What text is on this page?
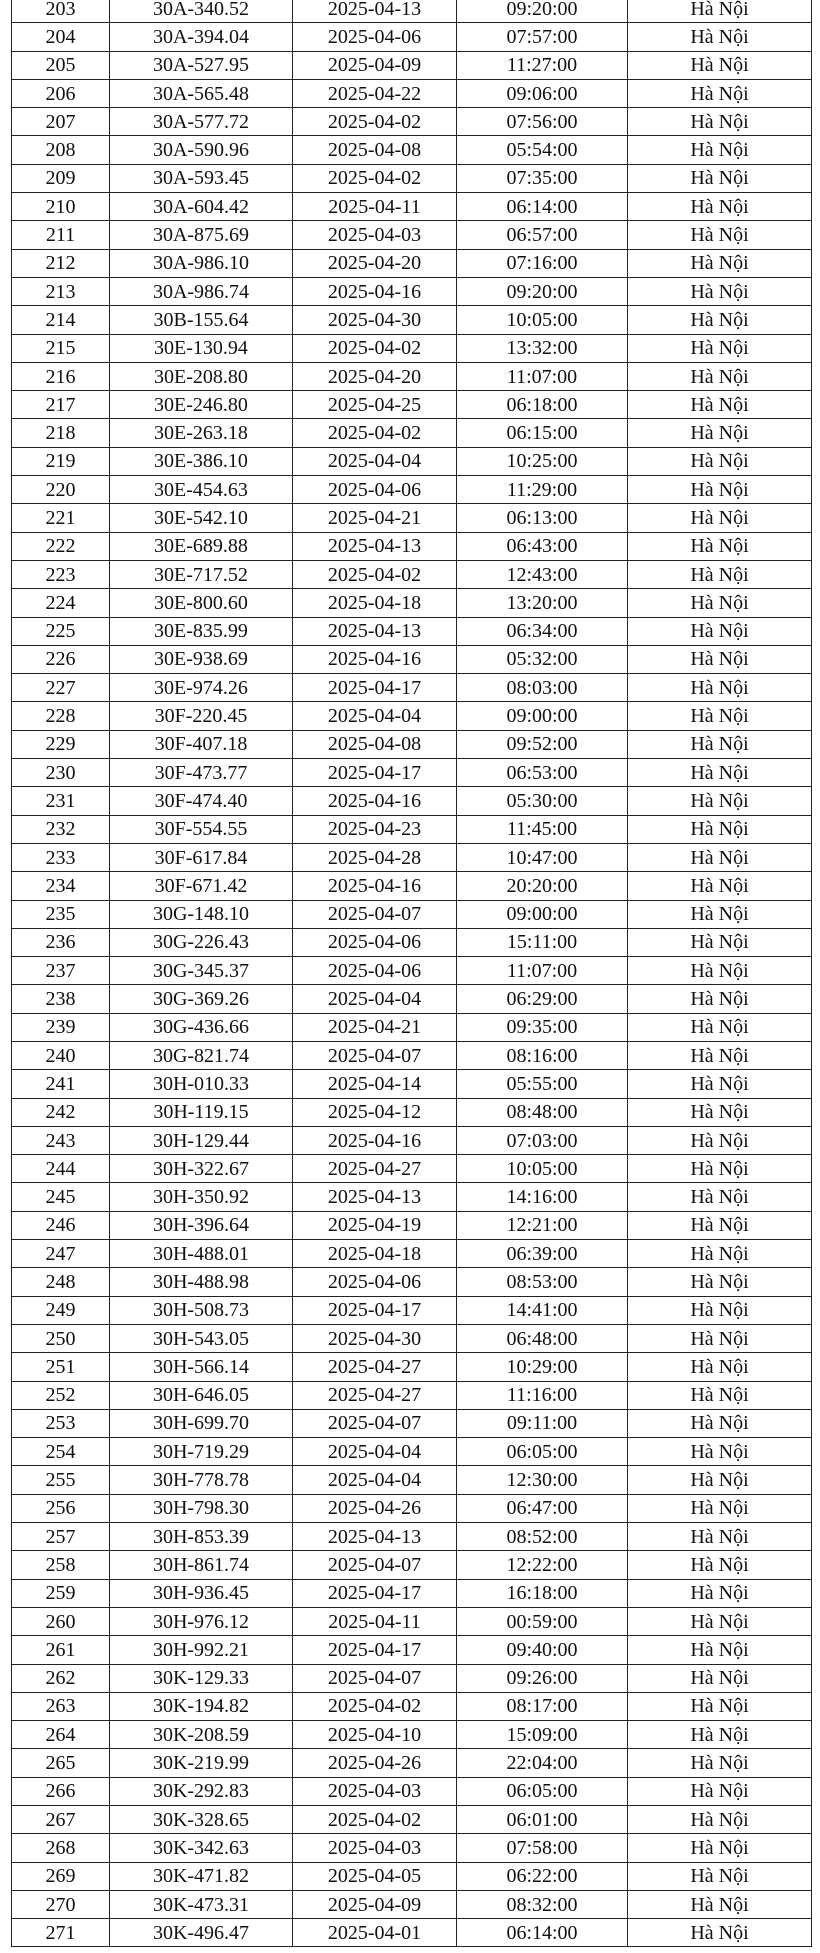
203	30A-340.52	2025-04-13	09:20:00	Hà Nội
204	30A-394.04	2025-04-06	07:57:00	Hà Nội
205	30A-527.95	2025-04-09	11:27:00	Hà Nội
206	30A-565.48	2025-04-22	09:06:00	Hà Nội
207	30A-577.72	2025-04-02	07:56:00	Hà Nội
208	30A-590.96	2025-04-08	05:54:00	Hà Nội
209	30A-593.45	2025-04-02	07:35:00	Hà Nội
210	30A-604.42	2025-04-11	06:14:00	Hà Nội
211	30A-875.69	2025-04-03	06:57:00	Hà Nội
212	30A-986.10	2025-04-20	07:16:00	Hà Nội
213	30A-986.74	2025-04-16	09:20:00	Hà Nội
214	30B-155.64	2025-04-30	10:05:00	Hà Nội
215	30E-130.94	2025-04-02	13:32:00	Hà Nội
216	30E-208.80	2025-04-20	11:07:00	Hà Nội
217	30E-246.80	2025-04-25	06:18:00	Hà Nội
218	30E-263.18	2025-04-02	06:15:00	Hà Nội
219	30E-386.10	2025-04-04	10:25:00	Hà Nội
220	30E-454.63	2025-04-06	11:29:00	Hà Nội
221	30E-542.10	2025-04-21	06:13:00	Hà Nội
222	30E-689.88	2025-04-13	06:43:00	Hà Nội
223	30E-717.52	2025-04-02	12:43:00	Hà Nội
224	30E-800.60	2025-04-18	13:20:00	Hà Nội
225	30E-835.99	2025-04-13	06:34:00	Hà Nội
226	30E-938.69	2025-04-16	05:32:00	Hà Nội
227	30E-974.26	2025-04-17	08:03:00	Hà Nội
228	30F-220.45	2025-04-04	09:00:00	Hà Nội
229	30F-407.18	2025-04-08	09:52:00	Hà Nội
230	30F-473.77	2025-04-17	06:53:00	Hà Nội
231	30F-474.40	2025-04-16	05:30:00	Hà Nội
232	30F-554.55	2025-04-23	11:45:00	Hà Nội
233	30F-617.84	2025-04-28	10:47:00	Hà Nội
234	30F-671.42	2025-04-16	20:20:00	Hà Nội
235	30G-148.10	2025-04-07	09:00:00	Hà Nội
236	30G-226.43	2025-04-06	15:11:00	Hà Nội
237	30G-345.37	2025-04-06	11:07:00	Hà Nội
238	30G-369.26	2025-04-04	06:29:00	Hà Nội
239	30G-436.66	2025-04-21	09:35:00	Hà Nội
240	30G-821.74	2025-04-07	08:16:00	Hà Nội
241	30H-010.33	2025-04-14	05:55:00	Hà Nội
242	30H-119.15	2025-04-12	08:48:00	Hà Nội
243	30H-129.44	2025-04-16	07:03:00	Hà Nội
244	30H-322.67	2025-04-27	10:05:00	Hà Nội
245	30H-350.92	2025-04-13	14:16:00	Hà Nội
246	30H-396.64	2025-04-19	12:21:00	Hà Nội
247	30H-488.01	2025-04-18	06:39:00	Hà Nội
248	30H-488.98	2025-04-06	08:53:00	Hà Nội
249	30H-508.73	2025-04-17	14:41:00	Hà Nội
250	30H-543.05	2025-04-30	06:48:00	Hà Nội
251	30H-566.14	2025-04-27	10:29:00	Hà Nội
252	30H-646.05	2025-04-27	11:16:00	Hà Nội
253	30H-699.70	2025-04-07	09:11:00	Hà Nội
254	30H-719.29	2025-04-04	06:05:00	Hà Nội
255	30H-778.78	2025-04-04	12:30:00	Hà Nội
256	30H-798.30	2025-04-26	06:47:00	Hà Nội
257	30H-853.39	2025-04-13	08:52:00	Hà Nội
258	30H-861.74	2025-04-07	12:22:00	Hà Nội
259	30H-936.45	2025-04-17	16:18:00	Hà Nội
260	30H-976.12	2025-04-11	00:59:00	Hà Nội
261	30H-992.21	2025-04-17	09:40:00	Hà Nội
262	30K-129.33	2025-04-07	09:26:00	Hà Nội
263	30K-194.82	2025-04-02	08:17:00	Hà Nội
264	30K-208.59	2025-04-10	15:09:00	Hà Nội
265	30K-219.99	2025-04-26	22:04:00	Hà Nội
266	30K-292.83	2025-04-03	06:05:00	Hà Nội
267	30K-328.65	2025-04-02	06:01:00	Hà Nội
268	30K-342.63	2025-04-03	07:58:00	Hà Nội
269	30K-471.82	2025-04-05	06:22:00	Hà Nội
270	30K-473.31	2025-04-09	08:32:00	Hà Nội
271	30K-496.47	2025-04-01	06:14:00	Hà Nội
